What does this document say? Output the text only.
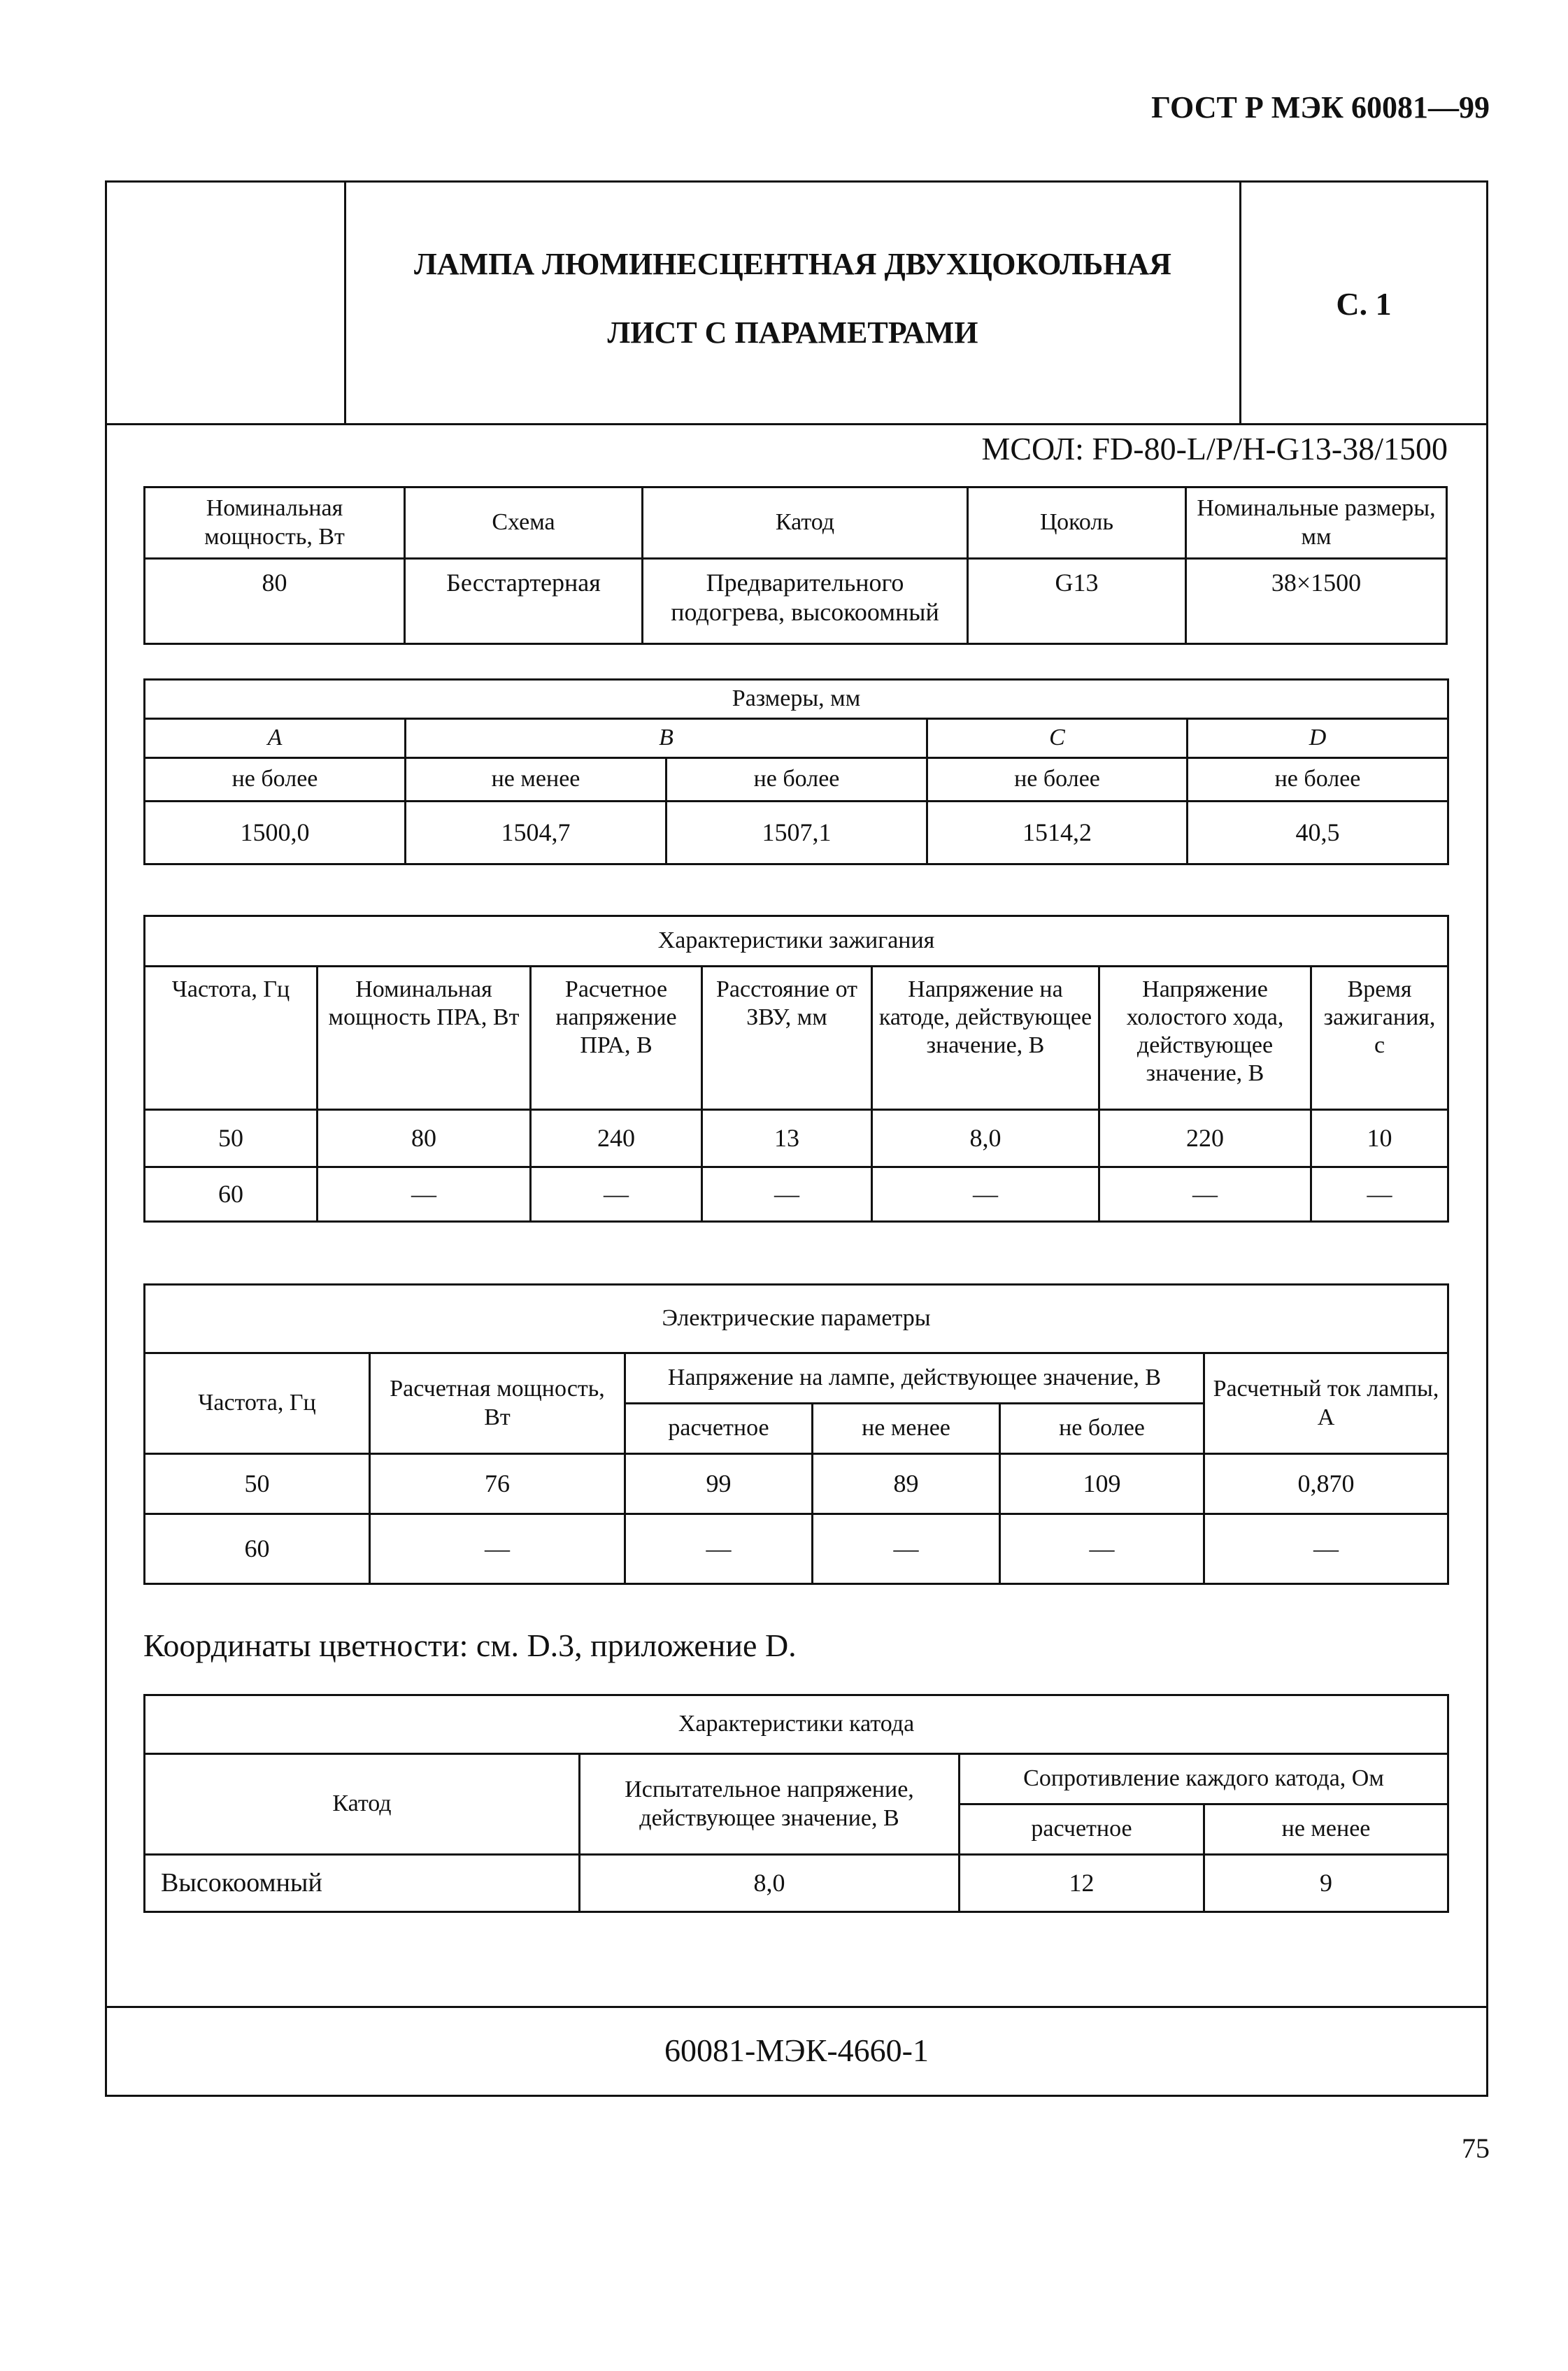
ГОСТ Р МЭК 60081—99
ЛАМПА ЛЮМИНЕСЦЕНТНАЯ ДВУХЦОКОЛЬНАЯ
ЛИСТ С ПАРАМЕТРАМИ
С. 1
МСОЛ: FD-80-L/P/H-G13-38/1500
Номинальная мощность, Вт	Схема	Катод	Цоколь	Номинальные размеры, мм
80	Бесстартерная	Предварительного подогрева, высокоомный	G13	38×1500
Размеры, мм				
A	B		C	D
не более	не менее	не более	не более	не более
1500,0	1504,7	1507,1	1514,2	40,5
Характеристики зажигания						
Частота, Гц	Номинальная мощность ПРА, Вт	Расчетное напряжение ПРА, В	Расстояние от ЗВУ, мм	Напряжение на катоде, действующее значение, В	Напряжение холостого хода, действующее значение, В	Время зажигания, с
50	80	240	13	8,0	220	10
60	—	—	—	—	—	—
Электрические параметры					
Частота, Гц	Расчетная мощность, Вт	Напряжение на лампе, действующее значение, В			Расчетный ток лампы, А
		расчетное	не менее	не более	
50	76	99	89	109	0,870
60	—	—	—	—	—
Координаты цветности: см. D.3, приложение D.
Характеристики катода			
Катод	Испытательное напряжение, действующее значение, В	Сопротивление каждого катода, Ом	
		расчетное	не менее
Высокоомный	8,0	12	9
60081-МЭК-4660-1
75
